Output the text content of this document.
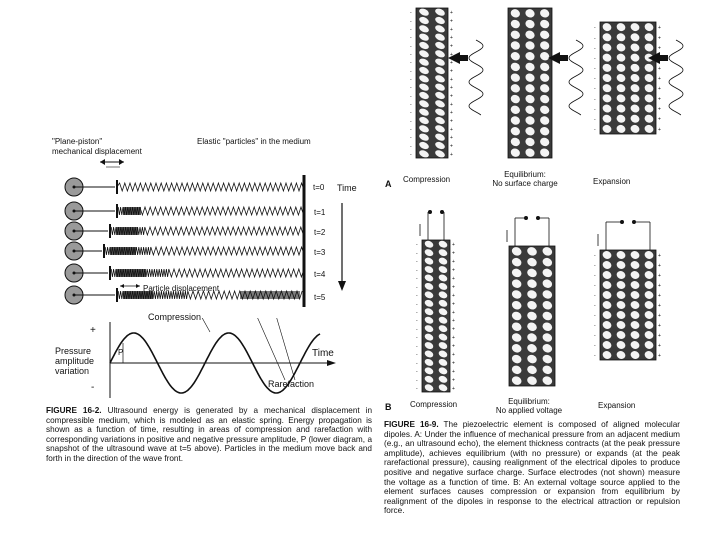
"Plane-piston"
mechanical displacement
Elastic "particles" in the medium
t=0
t=1
t=2
t=3
t=4
t=5
Time
Particle displacement
Compression
+
-
P
Pressure
amplitude
variation
Time
Rarefaction
FIGURE 16-2. Ultrasound energy is generated by a mechanical displacement in compressible medium, which is modeled as an elastic spring. Energy propagation is shown as a function of time, resulting in areas of compression and rarefaction with corresponding variations in positive and negative pressure amplitude, P (lower diagram, a snapshot of the ultrasound wave at t=5 above). Particles in the medium move back and forth in the direction of the wave front.
-	+
-	+
-	+
-	+
-	+
-	+
-	+
-	+
-	+
-	+
-	+
-	+
-	+
-	+
-	+
-	+
-	+
-	+
-	+
-	+
-	+
-
-	+
-	+
-	+
-	+
-	+
-	+
-	+
-	+
-	+
-	+
-	+
-	+
-	+
-	+
-	+
-	+
-	+
-	+
-	+
-	+
-	+
-	+
-	+
-	+
-	+
-	+
-	+
-	+
-	+
-	+
-	+
-	+
-	+
-	+
-	+
-	+
A Compression
Equilibrium:
No surface charge	Expansion
B Compression	Equilibrium:
No applied voltage
Expansion
FIGURE 16-9. The piezoelectric element is composed of aligned molecular dipoles. A: Under the influence of mechanical pressure from an adjacent medium (e.g., an ultrasound echo), the element thickness contracts (at the peak pressure amplitude), achieves equilibrium (with no pressure) or expands (at the peak rarefactional pressure), causing realignment of the electrical dipoles to produce positive and negative surface charge. Surface electrodes (not shown) measure the voltage as a function of time. B: An external voltage source applied to the element surfaces causes compression or expansion from equilibrium by realignment of the dipoles in response to the electrical attraction or repulsion force.
